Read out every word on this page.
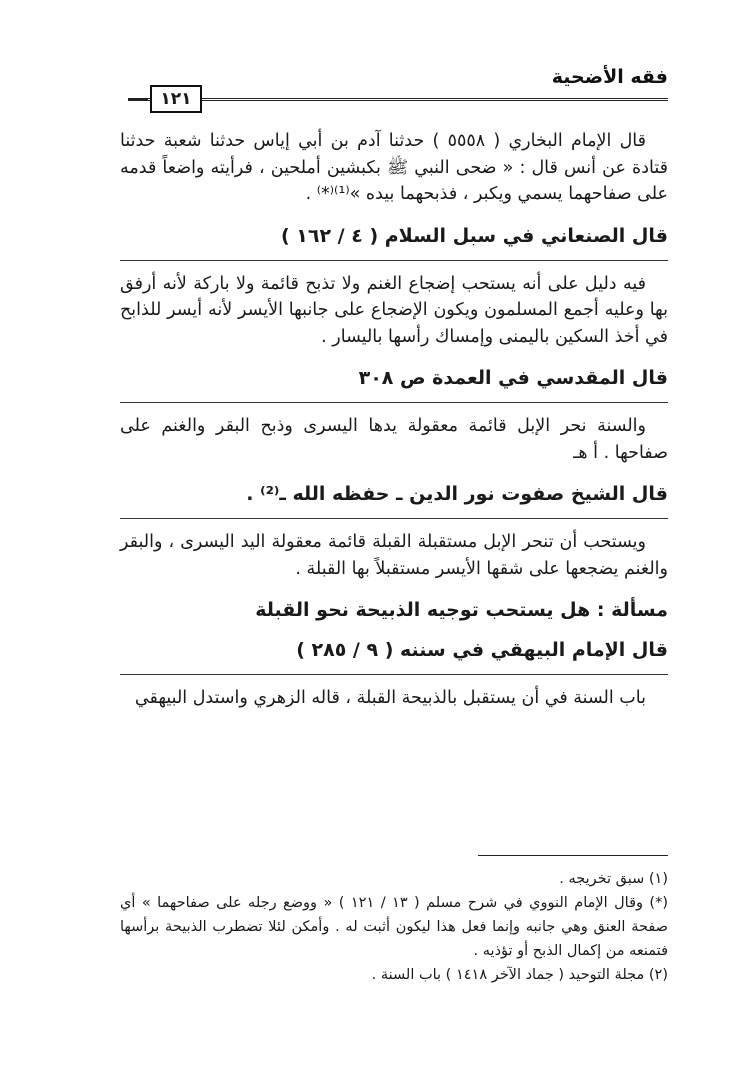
فقه الأضحية
١٢١

قال الإمام البخاري ( ٥٥٥٨ ) حدثنا آدم بن أبي إياس حدثنا شعبة حدثنا قتادة عن أنس قال : « ضحى النبي ﷺ بكبشين أملحين ، فرأيته واضعاً قدمه على صفاحهما يسمي ويكبر ، فذبحهما بيده »⁽¹⁾⁽*⁾ .

قال الصنعاني في سبل السلام ( ٤ / ١٦٢ )

فيه دليل على أنه يستحب إضجاع الغنم ولا تذبح قائمة ولا باركة لأنه أرفق بها وعليه أجمع المسلمون ويكون الإضجاع على جانبها الأيسر لأنه أيسر للذابح في أخذ السكين باليمنى وإمساك رأسها باليسار .

قال المقدسي في العمدة ص ٣٠٨

والسنة نحر الإبل قائمة معقولة يدها اليسرى وذبح البقر والغنم على صفاحها . أ هـ

قال الشيخ صفوت نور الدين ـ حفظه الله ـ⁽²⁾ .

ويستحب أن تنحر الإبل مستقبلة القبلة قائمة معقولة اليد اليسرى ، والبقر والغنم يضجعها على شقها الأيسر مستقبلاً بها القبلة .

مسألة : هل يستحب توجيه الذبيحة نحو القبلة

قال الإمام البيهقي في سننه ( ٩ / ٢٨٥ )

باب السنة في أن يستقبل بالذبيحة القبلة ، قاله الزهري واستدل البيهقي

(١) سبق تخريجه .

(*) وقال الإمام النووي في شرح مسلم ( ١٣ / ١٢١ ) « ووضع رجله على صفاحهما » أي صفحة العنق وهي جانبه وإنما فعل هذا ليكون أثبت له . وأمكن لئلا تضطرب الذبيحة برأسها فتمنعه من إكمال الذبح أو تؤذيه .

(٢) مجلة التوحيد ( جماد الآخر ١٤١٨ ) باب السنة .
